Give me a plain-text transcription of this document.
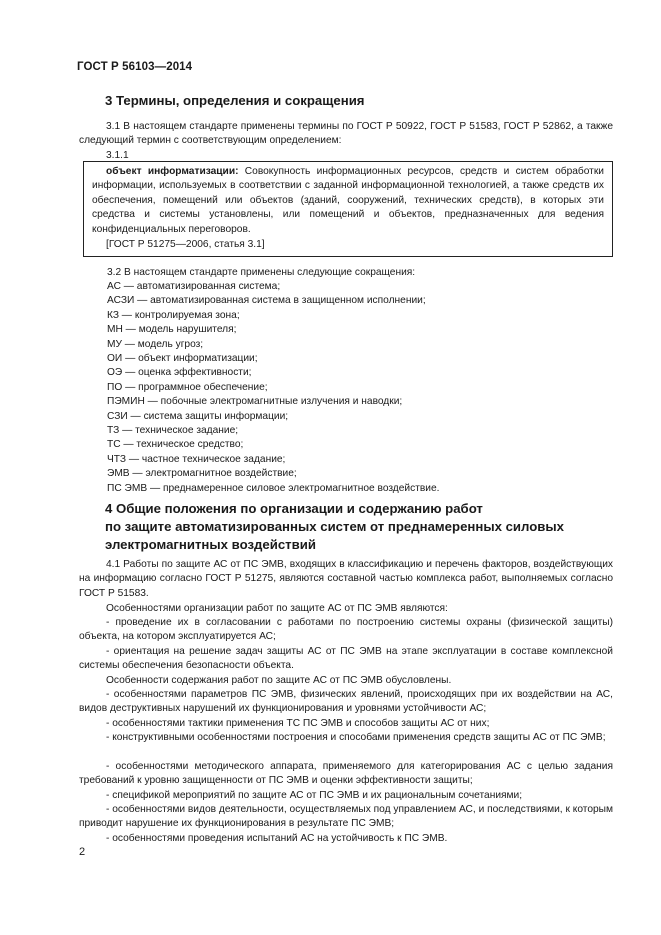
ГОСТ Р 56103—2014
3 Термины, определения и сокращения
3.1 В настоящем стандарте применены термины по ГОСТ Р 50922, ГОСТ Р 51583, ГОСТ Р 52862, а также следующий термин с соответствующим определением:
3.1.1
объект информатизации: Совокупность информационных ресурсов, средств и систем обработки информации, используемых в соответствии с заданной информационной технологией, а также средств их обеспечения, помещений или объектов (зданий, сооружений, технических средств), в которых эти средства и системы установлены, или помещений и объектов, предназначенных для ведения конфиденциальных переговоров.
[ГОСТ Р 51275—2006, статья 3.1]
3.2 В настоящем стандарте применены следующие сокращения:
АС — автоматизированная система;
АСЗИ — автоматизированная система в защищенном исполнении;
КЗ — контролируемая зона;
МН — модель нарушителя;
МУ — модель угроз;
ОИ — объект информатизации;
ОЭ — оценка эффективности;
ПО — программное обеспечение;
ПЭМИН — побочные электромагнитные излучения и наводки;
СЗИ — система защиты информации;
ТЗ — техническое задание;
ТС — техническое средство;
ЧТЗ — частное техническое задание;
ЭМВ — электромагнитное воздействие;
ПС ЭМВ — преднамеренное силовое электромагнитное воздействие.
4 Общие положения по организации и содержанию работ
по защите автоматизированных систем от преднамеренных силовых
электромагнитных воздействий
4.1 Работы по защите АС от ПС ЭМВ, входящих в классификацию и перечень факторов, воздействующих на информацию согласно ГОСТ Р 51275, являются составной частью комплекса работ, выполняемых согласно ГОСТ Р 51583.
Особенностями организации работ по защите АС от ПС ЭМВ являются:
- проведение их в согласовании с работами по построению системы охраны (физической защиты) объекта, на котором эксплуатируется АС;
- ориентация на решение задач защиты АС от ПС ЭМВ на этапе эксплуатации в составе комплексной системы обеспечения безопасности объекта.
Особенности содержания работ по защите АС от ПС ЭМВ обусловлены.
- особенностями параметров ПС ЭМВ, физических явлений, происходящих при их воздействии на АС, видов деструктивных нарушений их функционирования и уровнями устойчивости АС;
- особенностями тактики применения ТС ПС ЭМВ и способов защиты АС от них;
- конструктивными особенностями построения и способами применения средств защиты АС от ПС ЭМВ;
- особенностями методического аппарата, применяемого для категорирования АС с целью задания требований к уровню защищенности от ПС ЭМВ и оценки эффективности защиты;
- спецификой мероприятий по защите АС от ПС ЭМВ и их рациональным сочетаниями;
- особенностями видов деятельности, осуществляемых под управлением АС, и последствиями, к которым приводит нарушение их функционирования в результате ПС ЭМВ;
- особенностями проведения испытаний АС на устойчивость к ПС ЭМВ.
2
